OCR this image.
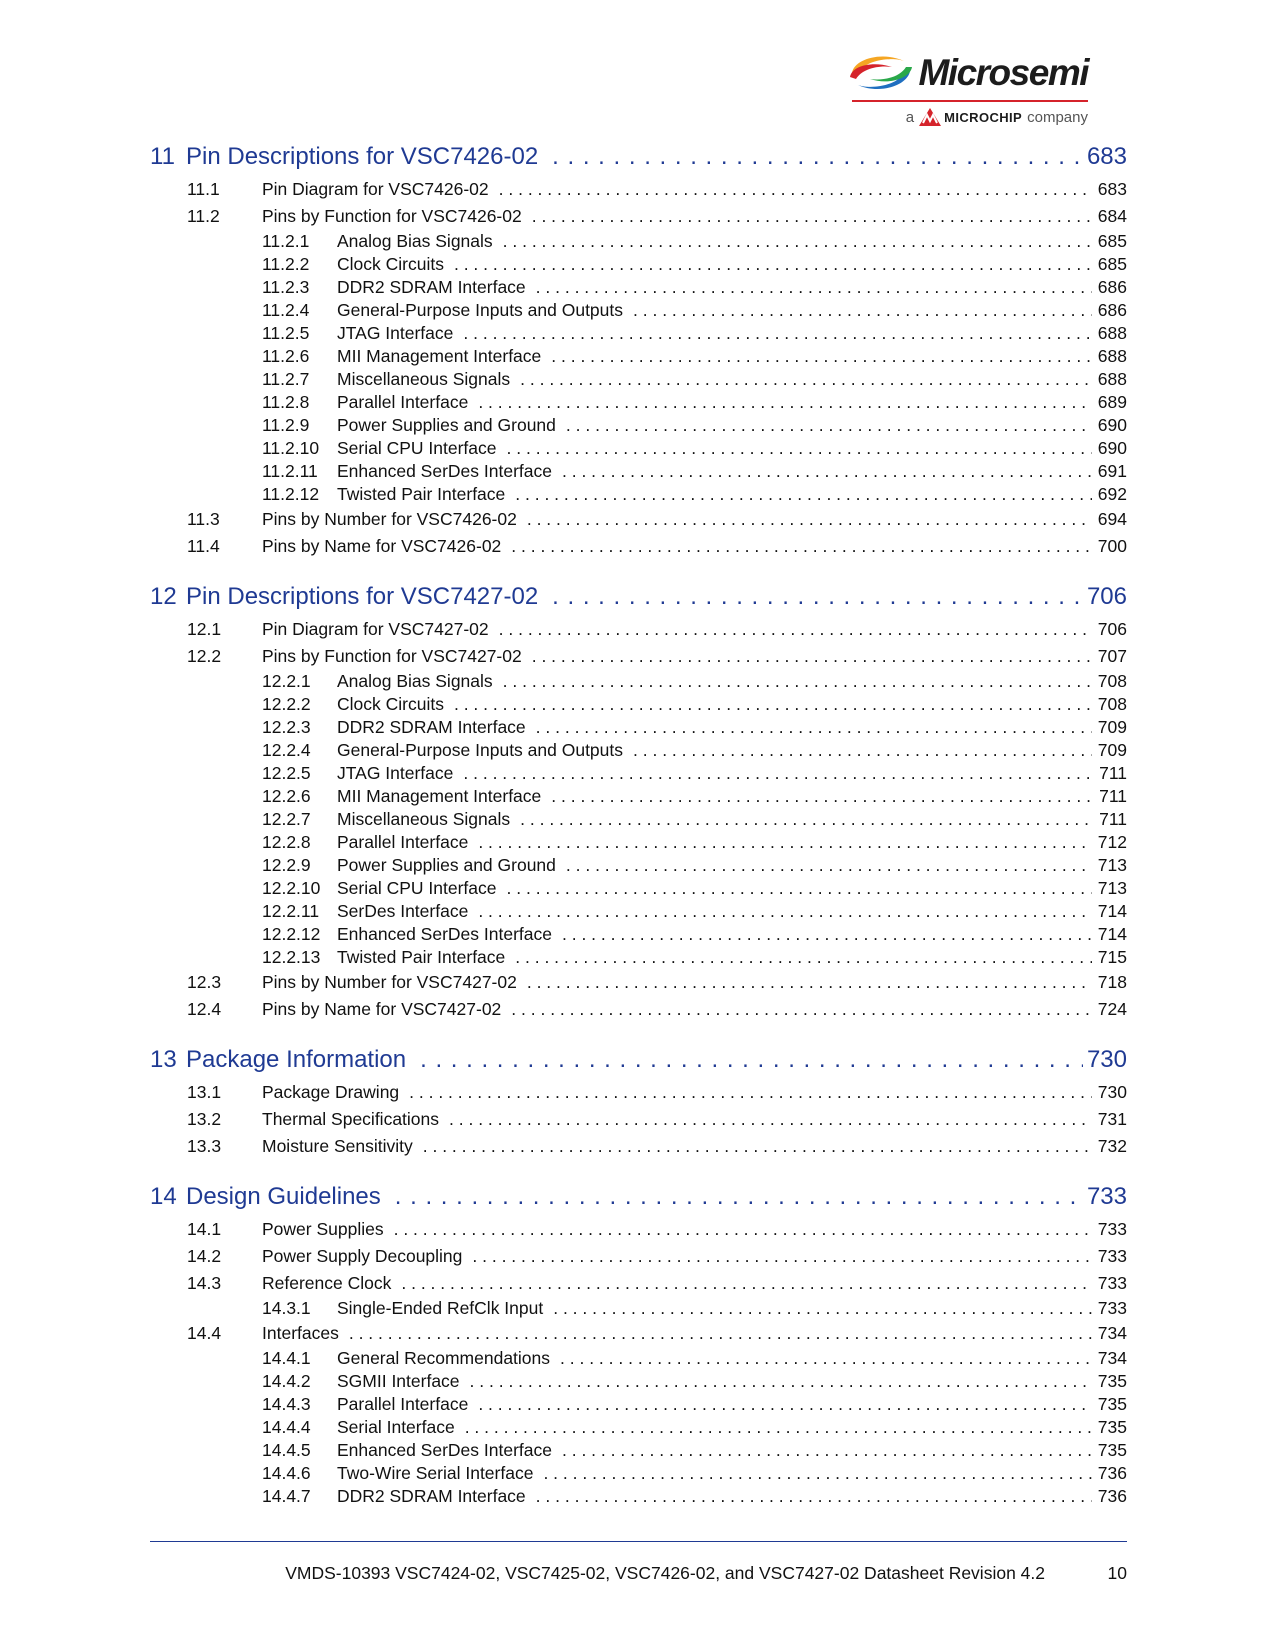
Microsemi
a MICROCHIP company
11 Pin Descriptions for VSC7426-02 . . .	683
11.1	Pin Diagram for VSC7426-02 . . .	683
11.2	Pins by Function for VSC7426-02 . . .	684
11.2.1	Analog Bias Signals . . .	685
11.2.2	Clock Circuits . . .	685
11.2.3	DDR2 SDRAM Interface . . .	686
11.2.4	General-Purpose Inputs and Outputs . . .	686
11.2.5	JTAG Interface . . .	688
11.2.6	MII Management Interface . . .	688
11.2.7	Miscellaneous Signals . . .	688
11.2.8	Parallel Interface . . .	689
11.2.9	Power Supplies and Ground . . .	690
11.2.10	Serial CPU Interface . . .	690
11.2.11	Enhanced SerDes Interface . . .	691
11.2.12	Twisted Pair Interface . . .	692
11.3	Pins by Number for VSC7426-02 . . .	694
11.4	Pins by Name for VSC7426-02 . . .	700
12 Pin Descriptions for VSC7427-02 . . .	706
12.1	Pin Diagram for VSC7427-02 . . .	706
12.2	Pins by Function for VSC7427-02 . . .	707
12.2.1	Analog Bias Signals . . .	708
12.2.2	Clock Circuits . . .	708
12.2.3	DDR2 SDRAM Interface . . .	709
12.2.4	General-Purpose Inputs and Outputs . . .	709
12.2.5	JTAG Interface . . .	711
12.2.6	MII Management Interface . . .	711
12.2.7	Miscellaneous Signals . . .	711
12.2.8	Parallel Interface . . .	712
12.2.9	Power Supplies and Ground . . .	713
12.2.10 Serial CPU Interface . . .	713
12.2.11	SerDes Interface . . .	714
12.2.12 Enhanced SerDes Interface . . .	714
12.2.13 Twisted Pair Interface . . .	715
12.3	Pins by Number for VSC7427-02 . . .	718
12.4	Pins by Name for VSC7427-02 . . .	724
13 Package Information . . .	730
13.1	Package Drawing . . .	730
13.2	Thermal Specifications . . .	731
13.3	Moisture Sensitivity . . .	732
14 Design Guidelines . . .	733
14.1	Power Supplies . . .	733
14.2	Power Supply Decoupling . . .	733
14.3	Reference Clock . . .	733
14.3.1	Single-Ended RefClk Input . . .	733
14.4	Interfaces . . .	734
14.4.1	General Recommendations . . .	734
14.4.2	SGMII Interface . . .	735
14.4.3	Parallel Interface . . .	735
14.4.4	Serial Interface . . .	735
14.4.5	Enhanced SerDes Interface . . .	735
14.4.6	Two-Wire Serial Interface . . .	736
14.4.7	DDR2 SDRAM Interface . . .	736
VMDS-10393 VSC7424-02, VSC7425-02, VSC7426-02, and VSC7427-02 Datasheet Revision 4.2	10
